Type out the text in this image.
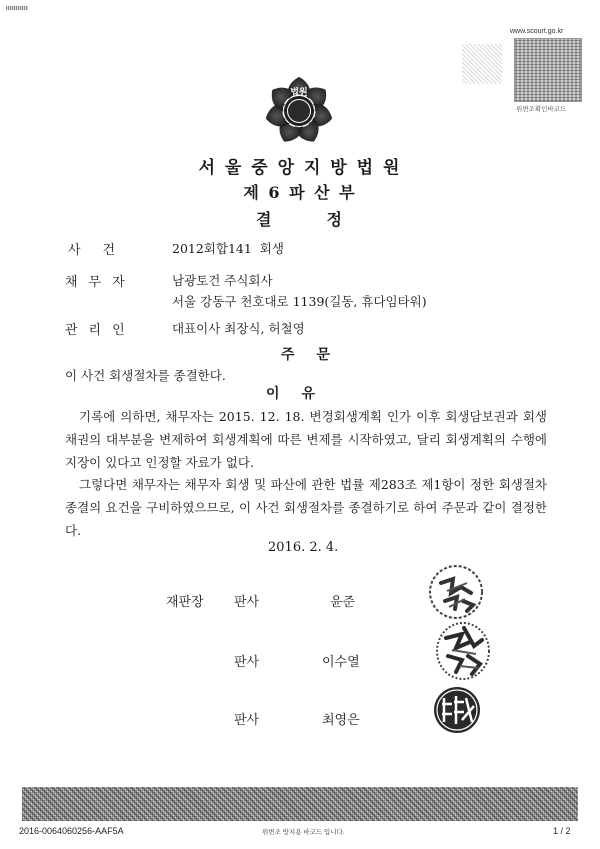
법원
www.scourt.go.kr
위변조확인바코드
서 울 중 앙 지 방 법 원
제 6 파 산 부
결       정
사건	2012회합141  회생
채무자	남광토건 주식회사
서울 강동구 천호대로 1139(길동, 휴다임타워)
관리인	대표이사 최장식, 허철영
주문
이 사건 회생절차를 종결한다.
이유
기록에 의하면, 채무자는 2015. 12. 18. 변경회생계획 인가 이후 회생담보권과 회생채권의 대부분을 변제하여 회생계획에 따른 변제를 시작하였고, 달리 회생계획의 수행에 지장이 있다고 인정할 자료가 없다.
그렇다면 채무자는 채무자 회생 및 파산에 관한 법률 제283조 제1항이 정한 회생절차종결의 요건을 구비하였으므로, 이 사건 회생절차를 종결하기로 하여 주문과 같이 결정한다.
2016. 2. 4.
재판장 판사	윤준
판사	이수열
판사	최영은
2016-0064060256-AAF5A	위변조 방지용 바코드 입니다.	1 / 2
